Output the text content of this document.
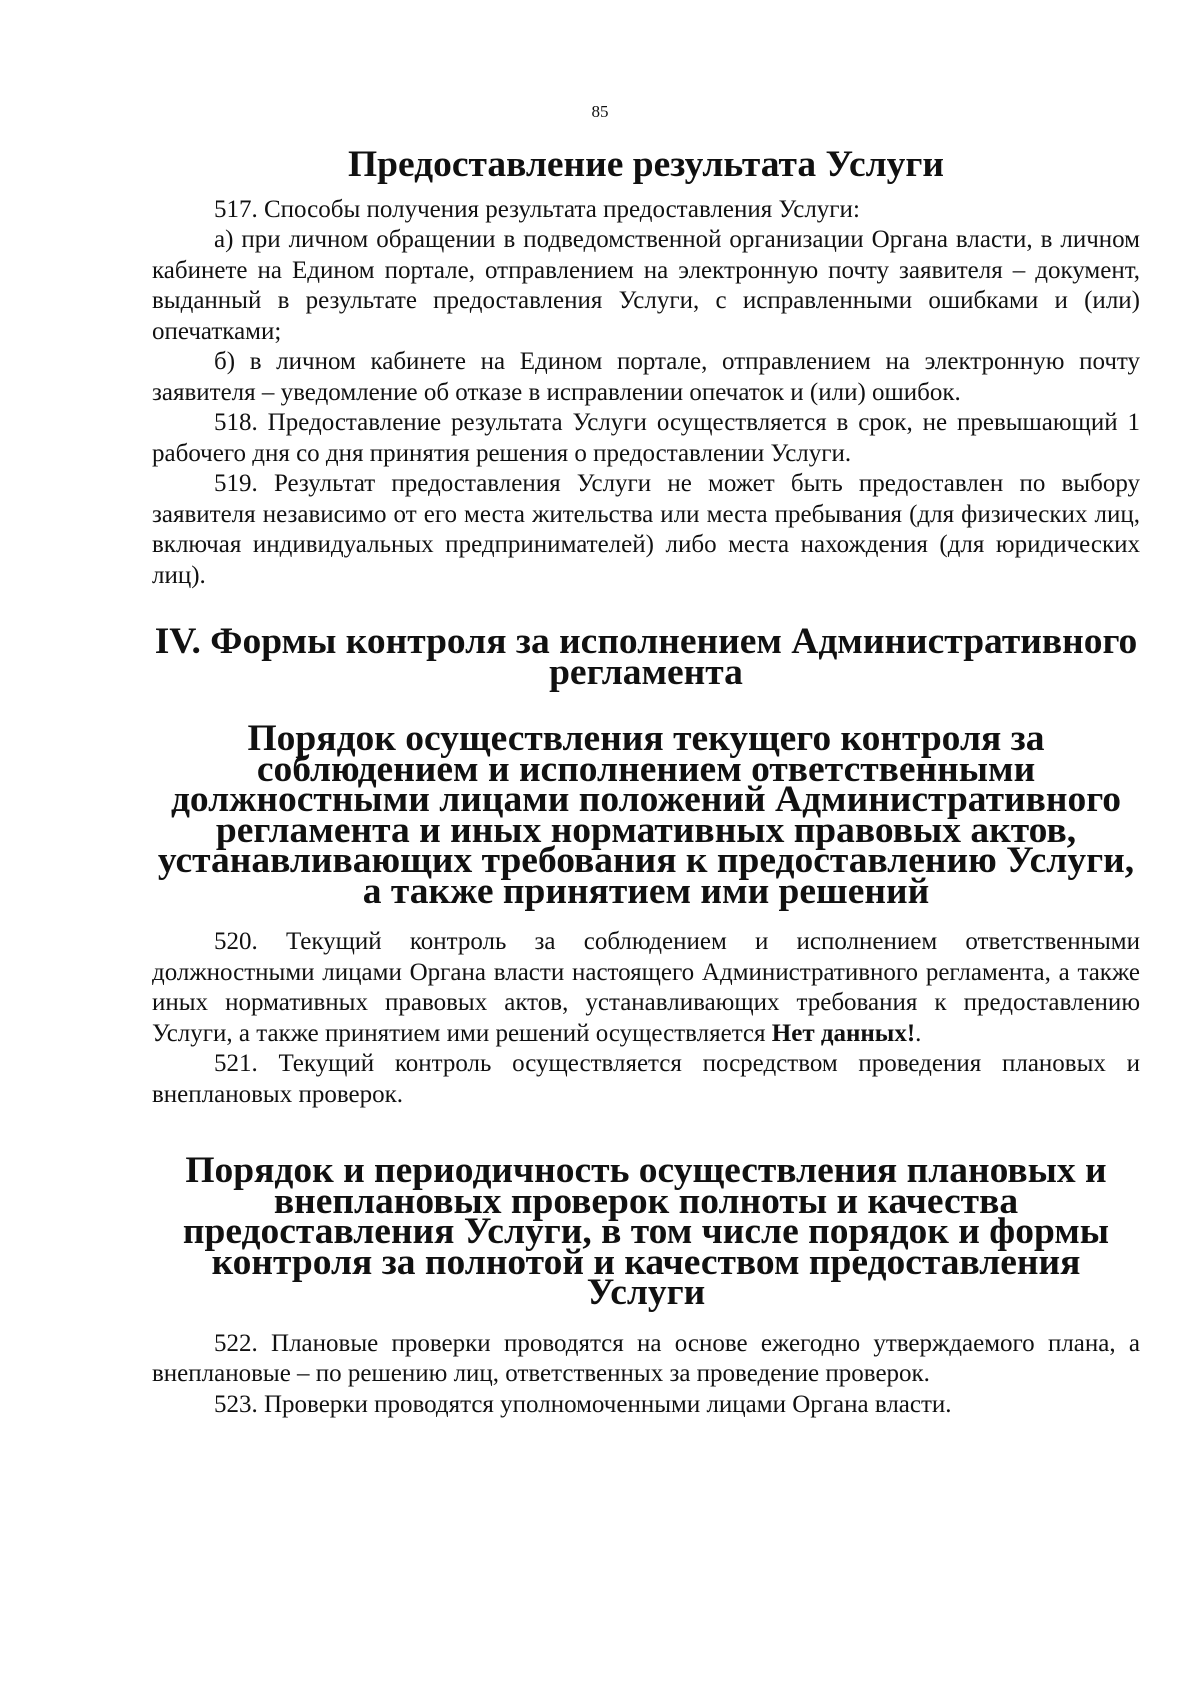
85
Предоставление результата Услуги

517. Способы получения результата предоставления Услуги:

а) при личном обращении в подведомственной организации Органа власти, в личном кабинете на Едином портале, отправлением на электронную почту заявителя – документ, выданный в результате предоставления Услуги, с исправленными ошибками и (или) опечатками;

б) в личном кабинете на Едином портале, отправлением на электронную почту заявителя – уведомление об отказе в исправлении опечаток и (или) ошибок.

518. Предоставление результата Услуги осуществляется в срок, не превышающий 1 рабочего дня со дня принятия решения о предоставлении Услуги.

519. Результат предоставления Услуги не может быть предоставлен по выбору заявителя независимо от его места жительства или места пребывания (для физических лиц, включая индивидуальных предпринимателей) либо места нахождения (для юридических лиц).

IV. Формы контроля за исполнением Административного регламента
Порядок осуществления текущего контроля за соблюдением и исполнением ответственными должностными лицами положений Административного регламента и иных нормативных правовых актов, устанавливающих требования к предоставлению Услуги, а также принятием ими решений

520. Текущий контроль за соблюдением и исполнением ответственными должностными лицами Органа власти настоящего Административного регламента, а также иных нормативных правовых актов, устанавливающих требования к предоставлению Услуги, а также принятием ими решений осуществляется Нет данных!.

521. Текущий контроль осуществляется посредством проведения плановых и внеплановых проверок.

Порядок и периодичность осуществления плановых и внеплановых проверок полноты и качества предоставления Услуги, в том числе порядок и формы контроля за полнотой и качеством предоставления Услуги

522. Плановые проверки проводятся на основе ежегодно утверждаемого плана, а внеплановые – по решению лиц, ответственных за проведение проверок.

523. Проверки проводятся уполномоченными лицами Органа власти.
